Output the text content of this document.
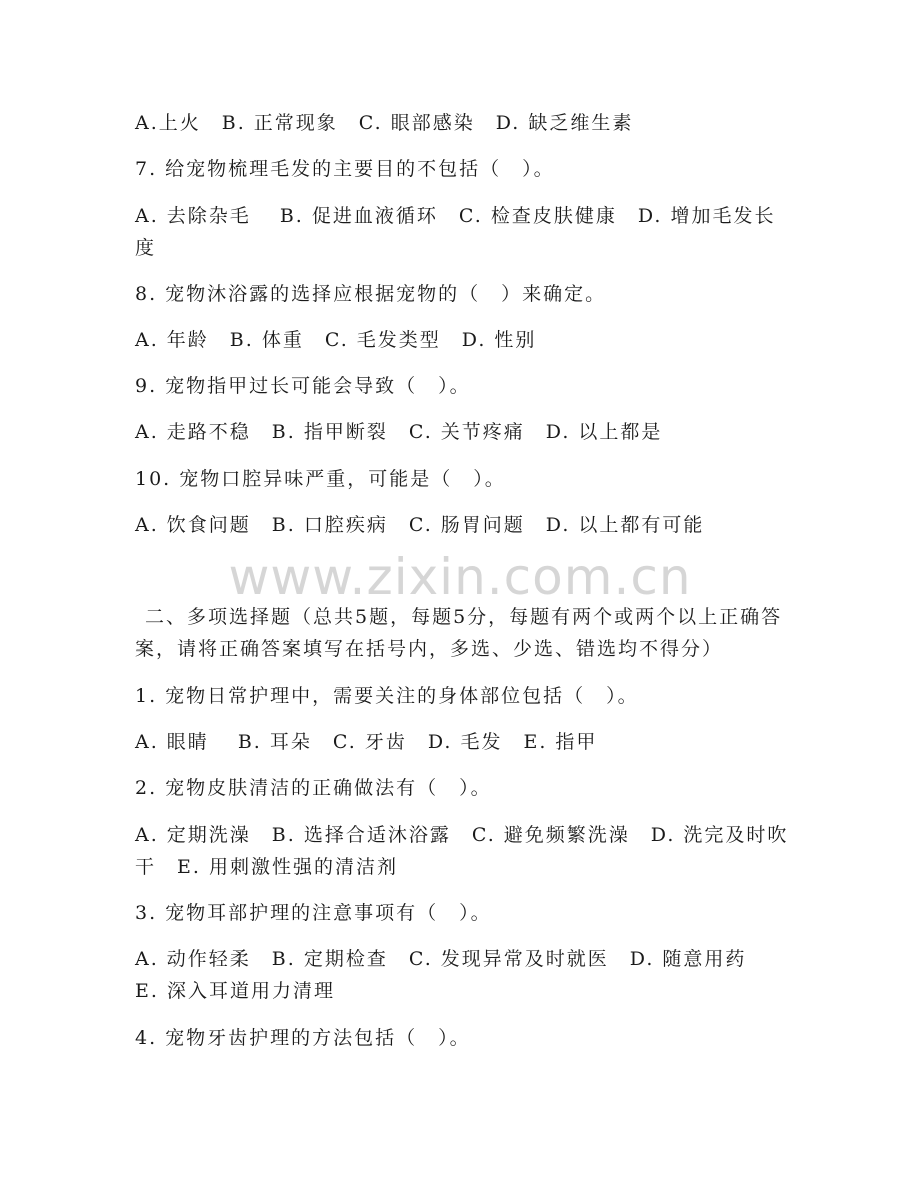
A.上火　B. 正常现象　C. 眼部感染　D. 缺乏维生素
7. 给宠物梳理毛发的主要目的不包括（　）。
A. 去除杂毛　 B. 促进血液循环　C. 检查皮肤健康　D. 增加毛发长度
8. 宠物沐浴露的选择应根据宠物的（　）来确定。
A. 年龄　B. 体重　C. 毛发类型　D. 性别
9. 宠物指甲过长可能会导致（　）。
A. 走路不稳　B. 指甲断裂　C. 关节疼痛　D. 以上都是
10. 宠物口腔异味严重，可能是（　）。
A. 饮食问题　B. 口腔疾病　C. 肠胃问题　D. 以上都有可能
www.zixin.com.cn
二、多项选择题（总共5题，每题5分，每题有两个或两个以上正确答案，请将正确答案填写在括号内，多选、少选、错选均不得分）
1. 宠物日常护理中，需要关注的身体部位包括（　）。
A. 眼睛　 B. 耳朵　C. 牙齿　D. 毛发　E. 指甲
2. 宠物皮肤清洁的正确做法有（　）。
A. 定期洗澡　B. 选择合适沐浴露　C. 避免频繁洗澡　D. 洗完及时吹干　E. 用刺激性强的清洁剂
3. 宠物耳部护理的注意事项有（　）。
A. 动作轻柔　B. 定期检查　C. 发现异常及时就医　D. 随意用药
E. 深入耳道用力清理
4. 宠物牙齿护理的方法包括（　）。
